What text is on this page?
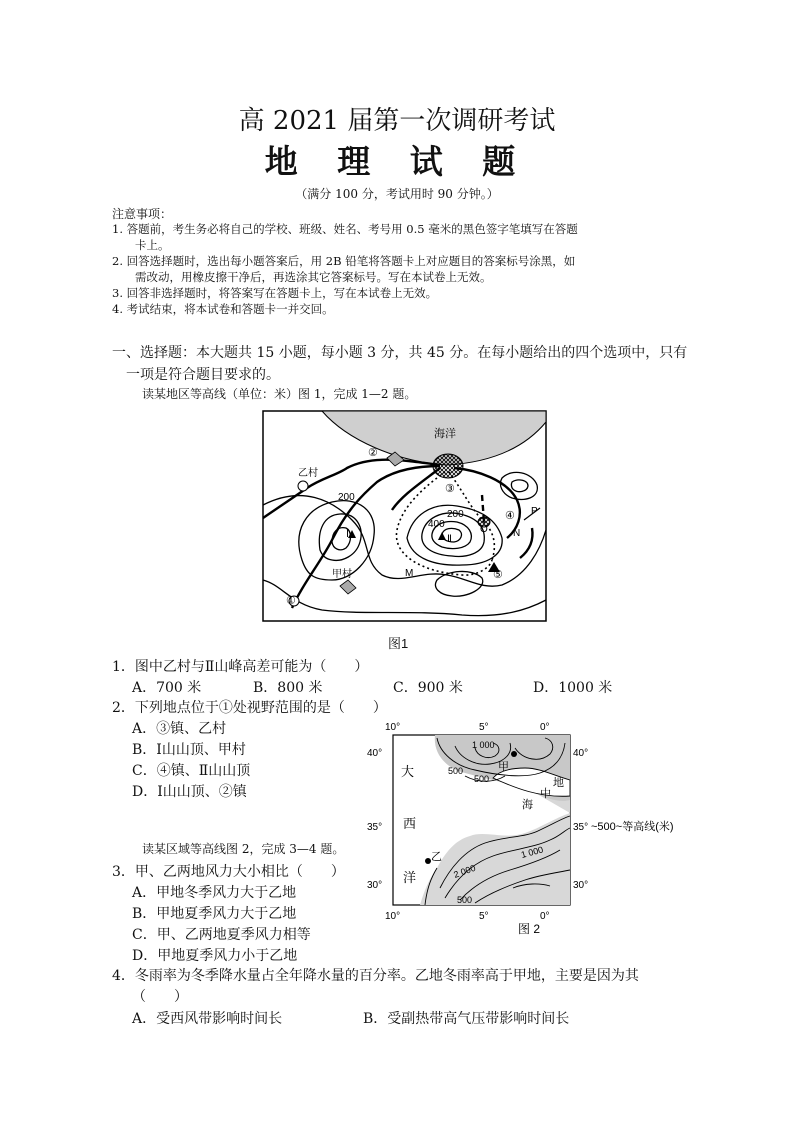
高 2021 届第一次调研考试
地 理 试 题
（满分 100 分，考试用时 90 分钟。）
注意事项：
1. 答题前，考生务必将自己的学校、班级、姓名、考号用 0.5 毫米的黑色签字笔填写在答题
卡上。
2. 回答选择题时，选出每小题答案后，用 2B 铅笔将答题卡上对应题目的答案标号涂黑，如
需改动，用橡皮擦干净后，再选涂其它答案标号。写在本试卷上无效。
3. 回答非选择题时，将答案写在答题卡上，写在本试卷上无效。
4. 考试结束，将本试卷和答题卡一并交回。
一、选择题：本大题共 15 小题，每小题 3 分，共 45 分。在每小题给出的四个选项中，只有
一项是符合题目要求的。
读某地区等高线（单位：米）图 1，完成 1—2 题。
海洋
乙村
甲村
Ⅰ	Ⅱ
200
200
400
①
②
③
④
⑤
M
N
P
O
图1
1．图中乙村与Ⅱ山峰高差可能为（　　）
A．700 米	B．800 米	C．900 米	D．1000 米
2．下列地点位于①处视野范围的是（　　）
A．③镇、乙村
B．Ⅰ山山顶、甲村
C．④镇、Ⅱ山山顶
D．Ⅰ山山顶、②镇
10°	5°	0°
40°
35°
30°
40°
35°
30°
~500~等高线(米)
大
西
洋
地
中
海
甲
乙
1 000
500
500
1 000
2 000
500
10°	5°	0°
图 2
读某区域等高线图 2，完成 3—4 题。
3．甲、乙两地风力大小相比（　　）
A．甲地冬季风力大于乙地
B．甲地夏季风力大于乙地
C．甲、乙两地夏季风力相等
D．甲地夏季风力小于乙地
4．冬雨率为冬季降水量占全年降水量的百分率。乙地冬雨率高于甲地，主要是因为其
（　　）
A．受西风带影响时间长	B．受副热带高气压带影响时间长
